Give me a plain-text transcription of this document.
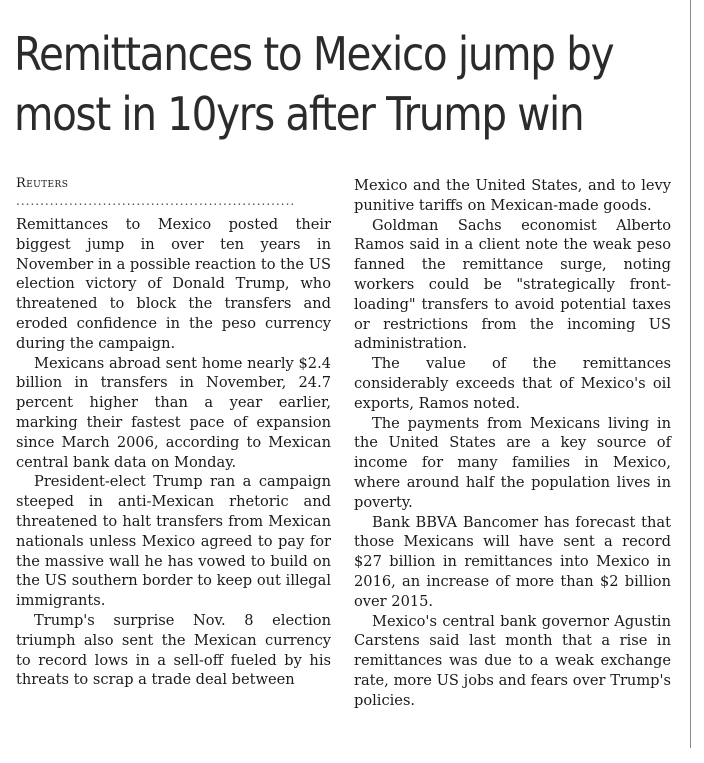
Remittances to Mexico jump by
most in 10yrs after Trump win
Reuters
..........................................................

Remittances to Mexico posted their biggest jump in over ten years in November in a possible reaction to the US election victory of Donald Trump, who threatened to block the transfers and eroded confidence in the peso currency during the campaign.

Mexicans abroad sent home nearly $2.4 billion in transfers in November, 24.7 percent higher than a year earlier, marking their fastest pace of expansion since March 2006, according to Mexican central bank data on Monday.

President-elect Trump ran a campaign steeped in anti-Mexican rhetoric and threatened to halt transfers from Mexican nationals unless Mexico agreed to pay for the massive wall he has vowed to build on the US southern border to keep out illegal immigrants.

Trump's surprise Nov. 8 election triumph also sent the Mexican currency to record lows in a sell-off fueled by his threats to scrap a trade deal between

Mexico and the United States, and to levy punitive tariffs on Mexican-made goods.

Goldman Sachs economist Alberto Ramos said in a client note the weak peso fanned the remittance surge, noting workers could be "strategically front-loading" transfers to avoid potential taxes or restrictions from the incoming US administration.

The value of the remittances considerably exceeds that of Mexico's oil exports, Ramos noted.

The payments from Mexicans living in the United States are a key source of income for many families in Mexico, where around half the population lives in poverty.

Bank BBVA Bancomer has forecast that those Mexicans will have sent a record $27 billion in remittances into Mexico in 2016, an increase of more than $2 billion over 2015.

Mexico's central bank governor Agustin Carstens said last month that a rise in remittances was due to a weak exchange rate, more US jobs and fears over Trump's policies.
